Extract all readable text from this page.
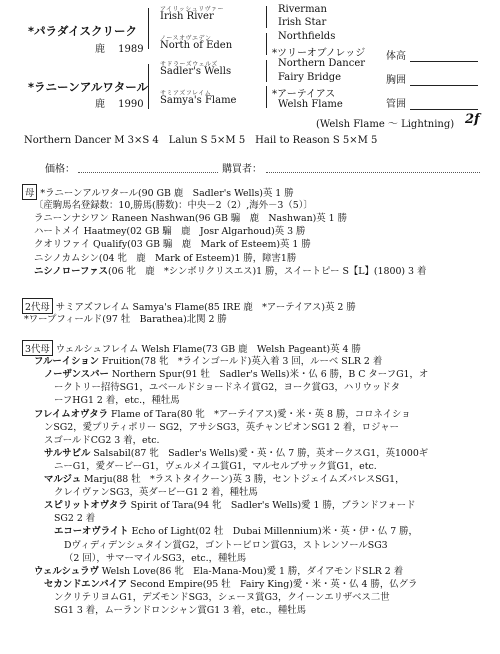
*パラダイスクリーク
鹿　 1989
*ラニーンアルワタール
鹿　 1990
アイリッシュリヴァー
Irish River
ノースオヴエデン
North of Eden
サドラーズウェルズ
Sadler's Wells
サミアズフレイム
Samya's Flame
Riverman
Irish Star
Northfields
*ツリーオブノレッジ
Northern Dancer
Fairy Bridge
*アーテイアス
Welsh Flame
体高
胸囲
管囲
(Welsh Flame ～ Lightning) 2f
Northern Dancer M 3×S 4　Lalun S 5×M 5　Hail to Reason S 5×M 5
価格：	購買者：
母 *ラニーンアルワタール(90 GB 鹿　Sadler's Wells)英 1 勝
〔産駒馬名登録数：10,勝馬(勝数)：中央－2（2）,海外－3（5）〕
ラニーンナシワン Raneen Nashwan(96 GB 騸　鹿　Nashwan)英 1 勝
ハートメイ Haatmey(02 GB 騸　鹿　Josr Algarhoud)英 3 勝
クオリファイ Qualify(03 GB 騸　鹿　Mark of Esteem)英 1 勝
ニシノカムシン(04 牝　鹿　Mark of Esteem)1 勝，障害1勝
ニシノローファス(06 牝　鹿　*シンボリクリスエス)1 勝，スイートピー S【L】(1800) 3 着
2代母 サミアズフレイム Samya's Flame(85 IRE 鹿　*アーテイアス)英 2 勝
*ワープフィールド(97 牡　Barathea)北関 2 勝
3代母 ウェルシュフレイム Welsh Flame(73 GB 鹿　Welsh Pageant)英 4 勝
フルーイション Fruition(78 牝　*ラインゴールド)英入着 3 回，ルーベ SLR 2 着
ノーザンスパー Northern Spur(91 牡　Sadler's Wells)米・仏 6 勝，B C ターフG1，オ
ークトリー招待SG1，ユベールドショードネイ賞G2，ヨーク賞G3，ハリウッドタ
ーフHG1 2 着，etc.，種牡馬
フレイムオヴタラ Flame of Tara(80 牝　*アーテイアス)愛・米・英 8 勝，コロネイショ
ンSG2，愛プリティポリー SG2，アサシSG3，英チャンピオンSG1 2 着，ロジャー
スゴールドCG2 3 着，etc.
サルサビル Salsabil(87 牝　Sadler's Wells)愛・英・仏 7 勝，英オークスG1，英1000ギ
ニーG1，愛ダービーG1，ヴェルメイユ賞G1，マルセルブサック賞G1，etc.
マルジュ Marju(88 牡　*ラストタイクーン)英 3 勝，セントジェイムズパレスSG1，
クレイヴァンSG3，英ダービーG1 2 着，種牡馬
スピリットオヴタラ Spirit of Tara(94 牝　Sadler's Wells)愛 1 勝，ブランドフォード
SG2 2 着
エコーオヴライト Echo of Light(02 牡　Dubai Millennium)米・英・伊・仏 7 勝，
Dヴィディデンシュタイン賞G2，ゴントービロン賞G3，ストレンソールSG3
（2 回），サマーマイルSG3，etc.，種牡馬
ウェルシュラヴ Welsh Love(86 牝　Ela-Mana-Mou)愛 1 勝，ダイアモンドSLR 2 着
セカンドエンパイア Second Empire(95 牡　Fairy King)愛・米・英・仏 4 勝，仏グラ
ンクリテリヨムG1，デズモンドSG3，シェーヌ賞G3，クイーンエリザベス二世
SG1 3 着，ムーランドロンシャン賞G1 3 着，etc.，種牡馬
